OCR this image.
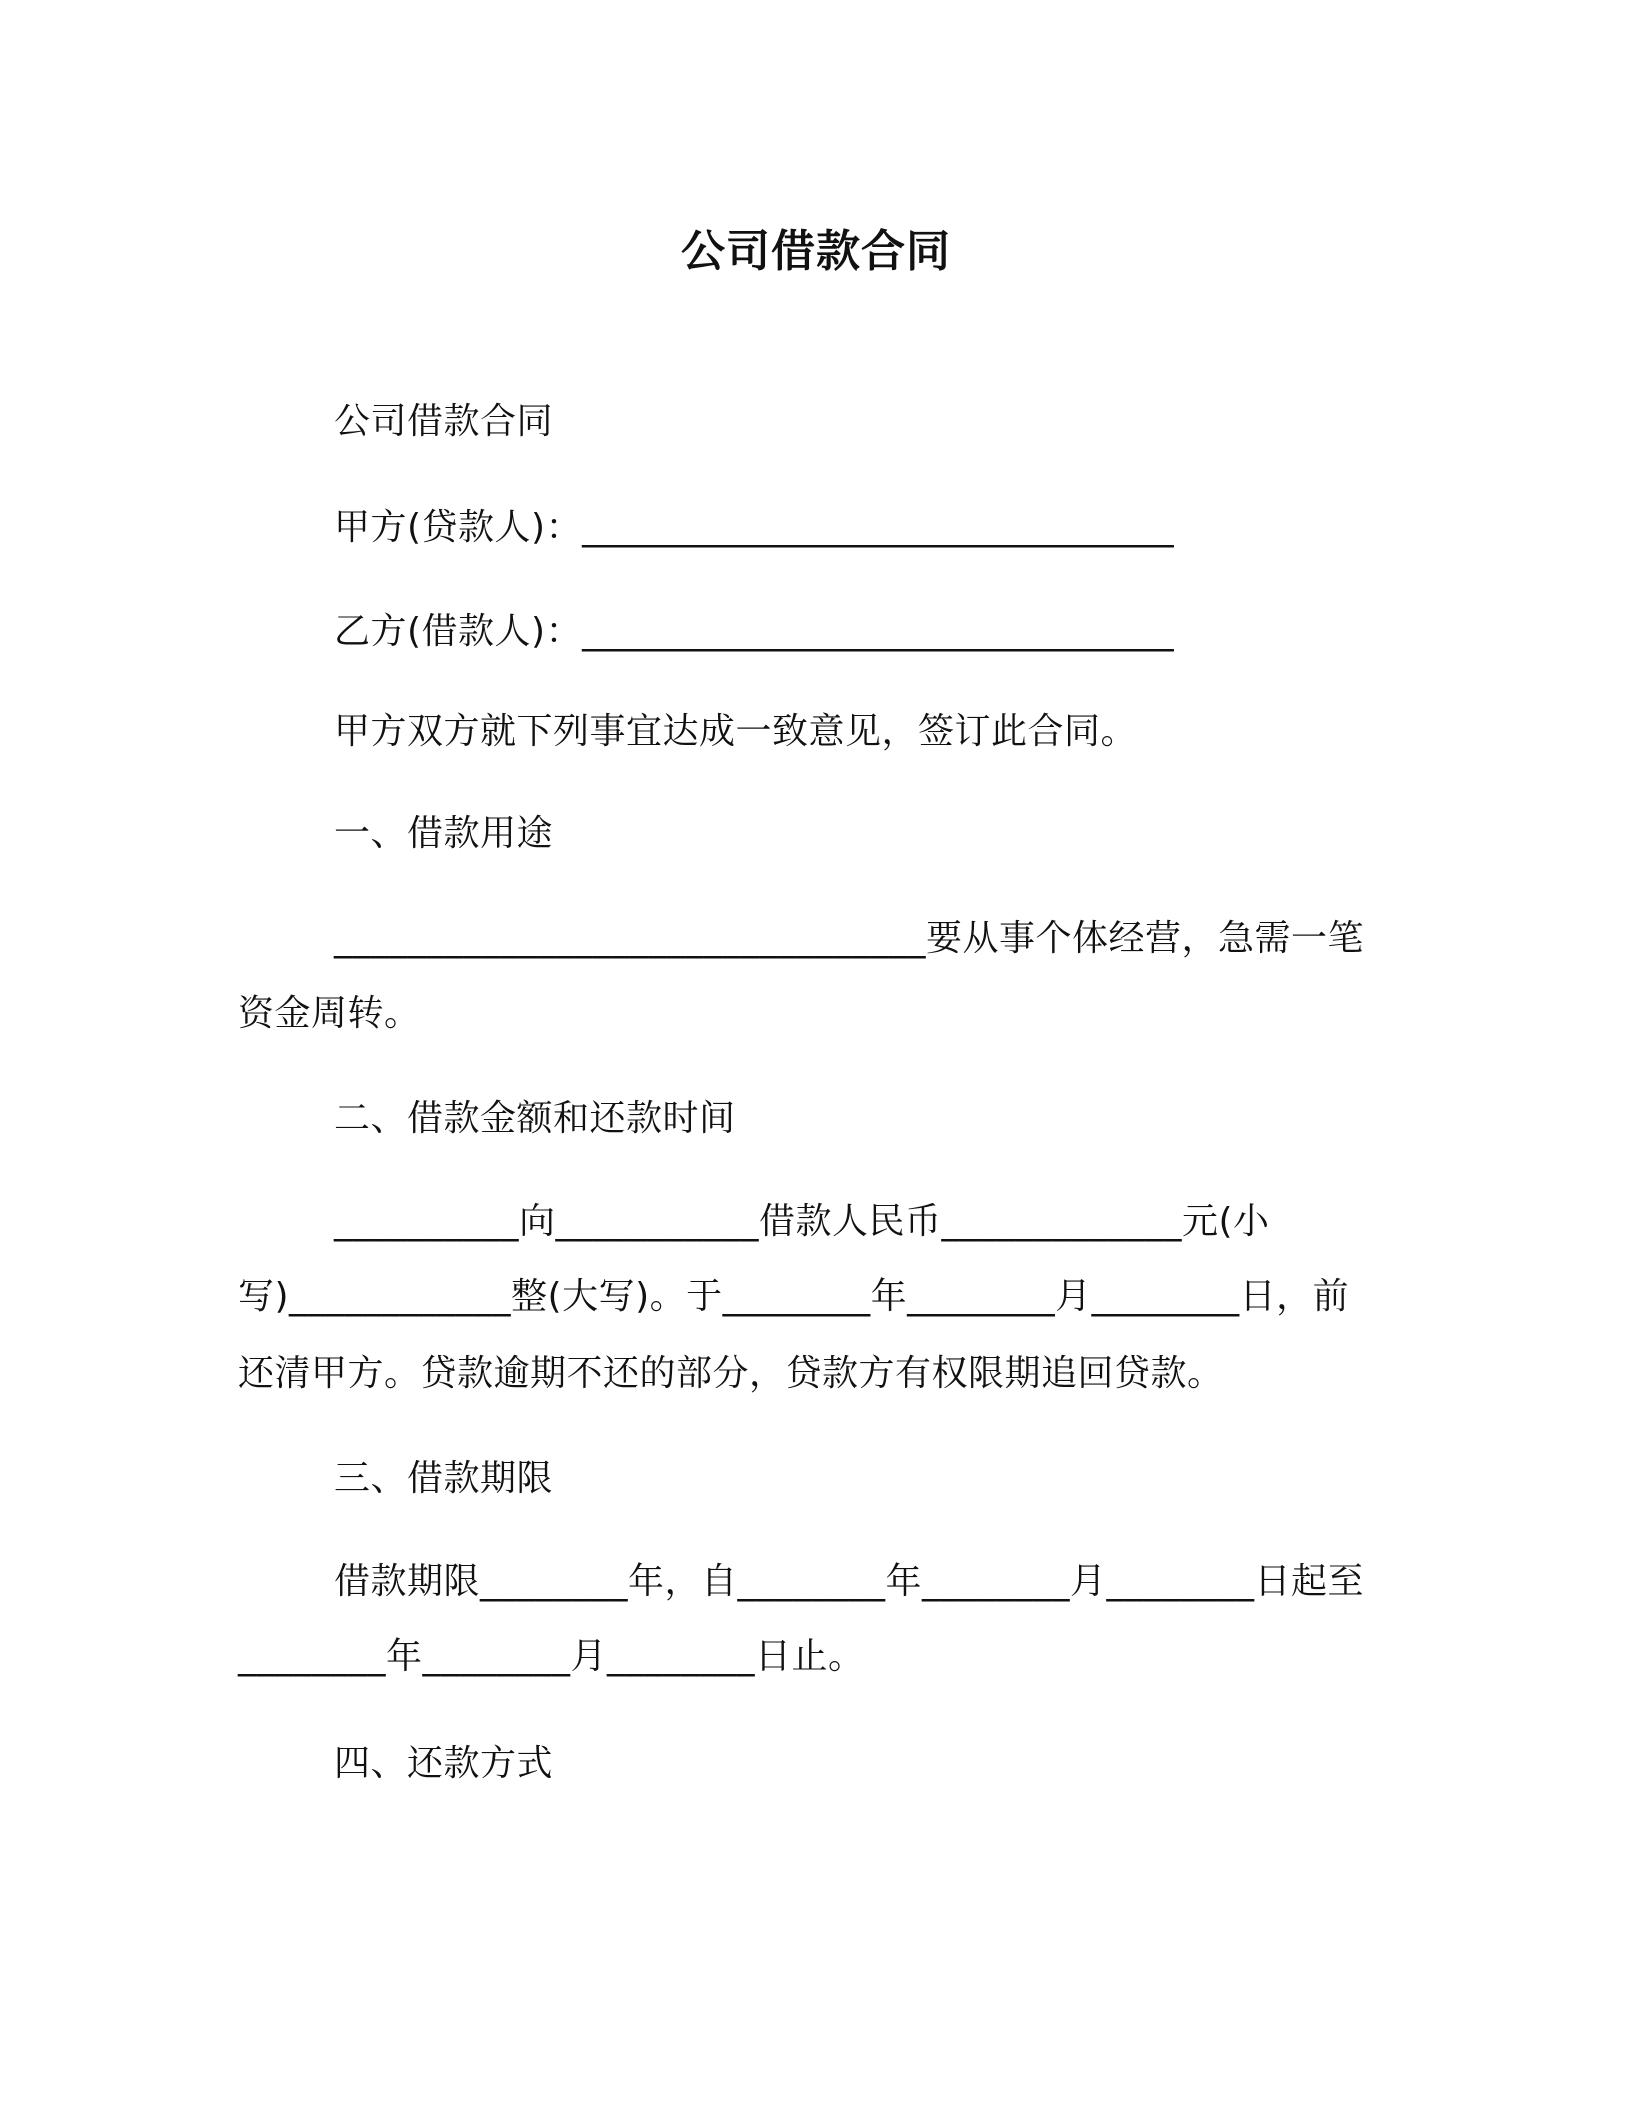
公司借款合同
公司借款合同
甲方(贷款人)：________________________________
乙方(借款人)：________________________________
甲方双方就下列事宜达成一致意见，签订此合同。
一、借款用途
________________________________要从事个体经营，急需一笔
资金周转。
二、借款金额和还款时间
__________向___________借款人民币_____________元(小
写)____________整(大写)。于________年________月________日，前
还清甲方。贷款逾期不还的部分，贷款方有权限期追回贷款。
三、借款期限
借款期限________年，自________年________月________日起至
________年________月________日止。
四、还款方式
